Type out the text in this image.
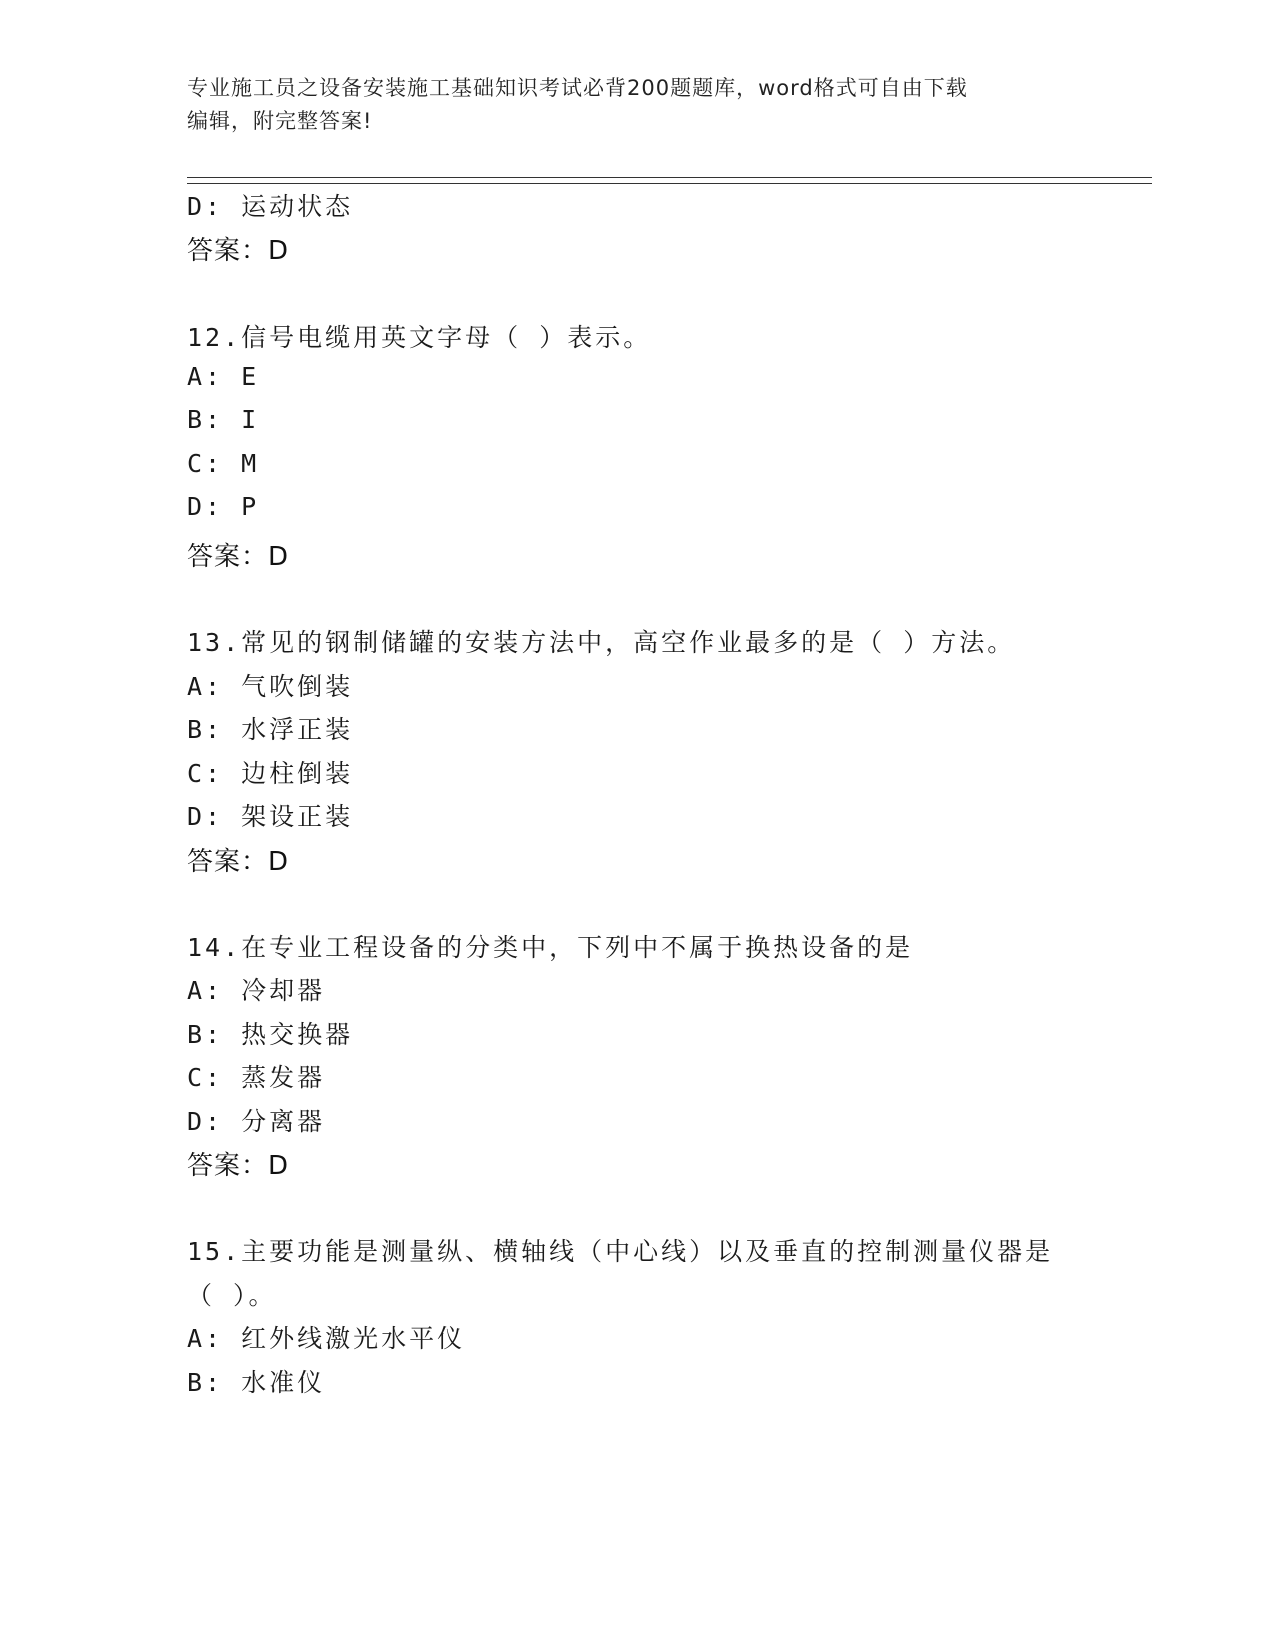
专业施工员之设备安装施工基础知识考试必背200题题库，word格式可自由下载
编辑，附完整答案!
D: 运动状态
答案：D
12.信号电缆用英文字母（ ）表示。
A: E
B: I
C: M
D: P
答案：D
13.常见的钢制储罐的安装方法中，高空作业最多的是（ ）方法。
A: 气吹倒装
B: 水浮正装
C: 边柱倒装
D: 架设正装
答案：D
14.在专业工程设备的分类中，下列中不属于换热设备的是
A: 冷却器
B: 热交换器
C: 蒸发器
D: 分离器
答案：D
15.主要功能是测量纵、横轴线（中心线）以及垂直的控制测量仪器是
（ ）。
A: 红外线激光水平仪
B: 水准仪
